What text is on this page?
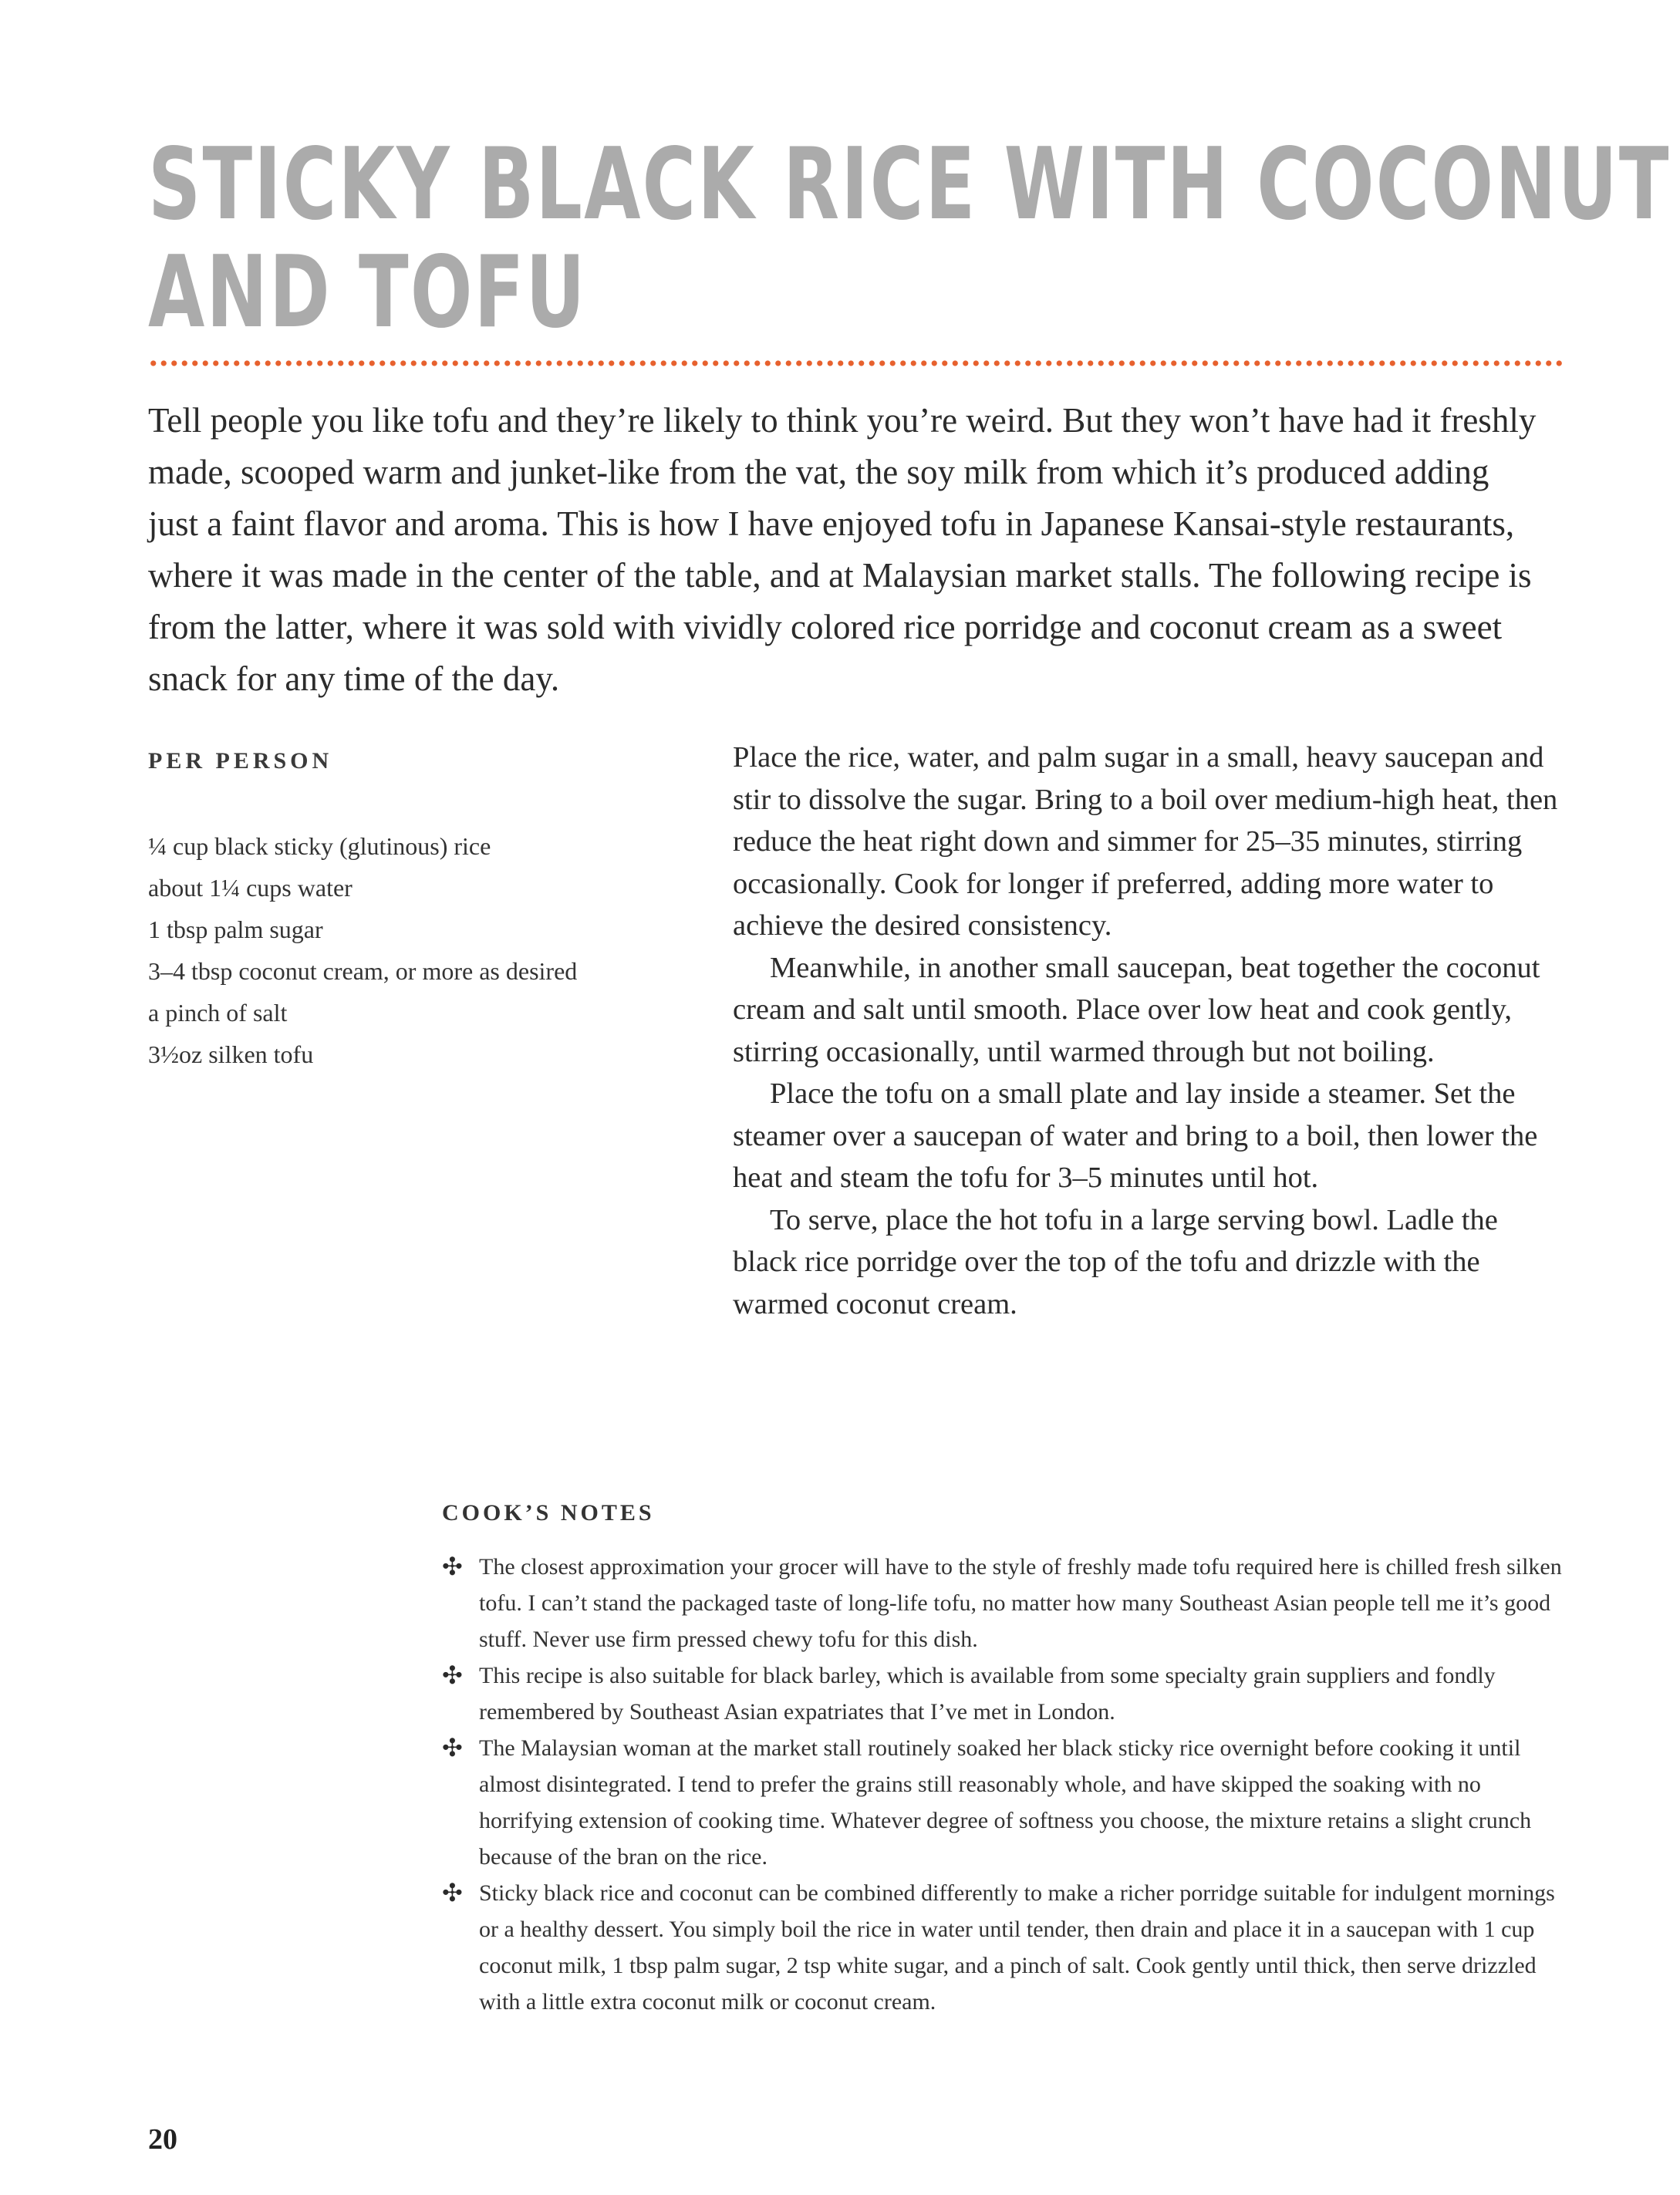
STICKY BLACK RICE WITH COCONUT
AND TOFU

Tell people you like tofu and they’re likely to think you’re weird. But they won’t have had it freshly made, scooped warm and junket-like from the vat, the soy milk from which it’s produced adding just a faint flavor and aroma. This is how I have enjoyed tofu in Japanese Kansai-style restaurants, where it was made in the center of the table, and at Malaysian market stalls. The following recipe is from the latter, where it was sold with vividly colored rice porridge and coconut cream as a sweet snack for any time of the day.

PER PERSON
¼ cup black sticky (glutinous) rice
about 1¼ cups water
1 tbsp palm sugar
3–4 tbsp coconut cream, or more as desired
a pinch of salt
3½oz silken tofu

Place the rice, water, and palm sugar in a small, heavy saucepan and stir to dissolve the sugar. Bring to a boil over medium-high heat, then reduce the heat right down and simmer for 25–35 minutes, stirring occasionally. Cook for longer if preferred, adding more water to achieve the desired consistency.

Meanwhile, in another small saucepan, beat together the coconut cream and salt until smooth. Place over low heat and cook gently, stirring occasionally, until warmed through but not boiling.

Place the tofu on a small plate and lay inside a steamer. Set the steamer over a saucepan of water and bring to a boil, then lower the heat and steam the tofu for 3–5 minutes until hot.

To serve, place the hot tofu in a large serving bowl. Ladle the black rice porridge over the top of the tofu and drizzle with the warmed coconut cream.

COOK’S NOTES
✣ The closest approximation your grocer will have to the style of freshly made tofu required here is chilled fresh silken tofu. I can’t stand the packaged taste of long-life tofu, no matter how many Southeast Asian people tell me it’s good stuff. Never use firm pressed chewy tofu for this dish.
✣ This recipe is also suitable for black barley, which is available from some specialty grain suppliers and fondly remembered by Southeast Asian expatriates that I’ve met in London.
✣ The Malaysian woman at the market stall routinely soaked her black sticky rice overnight before cooking it until almost disintegrated. I tend to prefer the grains still reasonably whole, and have skipped the soaking with no horrifying extension of cooking time. Whatever degree of softness you choose, the mixture retains a slight crunch because of the bran on the rice.
✣ Sticky black rice and coconut can be combined differently to make a richer porridge suitable for indulgent mornings or a healthy dessert. You simply boil the rice in water until tender, then drain and place it in a saucepan with 1 cup coconut milk, 1 tbsp palm sugar, 2 tsp white sugar, and a pinch of salt. Cook gently until thick, then serve drizzled with a little extra coconut milk or coconut cream.
20
